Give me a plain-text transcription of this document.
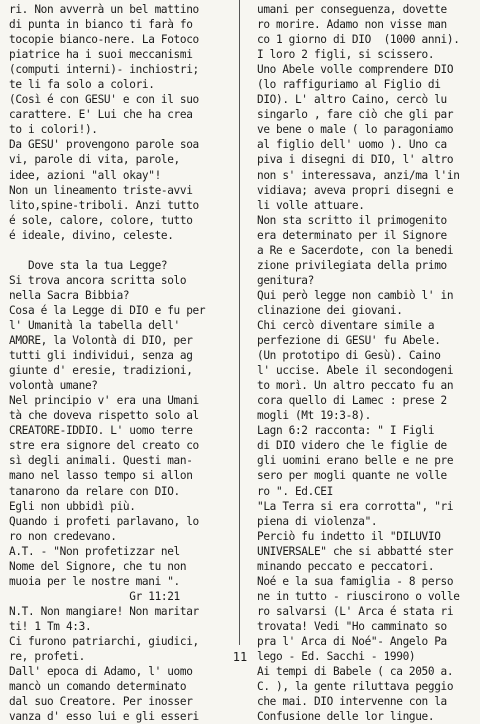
ri. Non avverrà un bel mattino
di punta in bianco ti farà fo
tocopie bianco-nere. La Fotoco
piatrice ha i suoi meccanismi
(computi interni)- inchiostri;
te li fa solo a colori.
(Così é con GESU' e con il suo
carattere. E' Lui che ha crea
to i colori!).
Da GESU' provengono parole soa
vi, parole di vita, parole,
idee, azioni "all okay"!
Non un lineamento triste-avvi
lito,spine-triboli. Anzi tutto
é sole, calore, colore, tutto
é ideale, divino, celeste.

Dove sta la tua Legge?
Si trova ancora scritta solo
nella Sacra Bibbia?
Cosa é la Legge di DIO e fu per
l' Umanità la tabella dell'
AMORE, la Volontà di DIO, per
tutti gli individui, senza ag
giunte d' eresie, tradizioni,
volontà umane?
Nel principio v' era una Umani
tà che doveva rispetto solo al
CREATORE-IDDIO. L' uomo terre
stre era signore del creato co
sì degli animali. Questi man-
mano nel lasso tempo si allon
tanarono da relare con DIO.
Egli non ubbidì più.
Quando i profeti parlavano, lo
ro non credevano.
A.T. - "Non profetizzar nel
Nome del Signore, che tu non
muoia per le nostre mani ".
Gr 11:21
N.T. Non mangiare! Non maritar
ti! 1 Tm 4:3.
Ci furono patriarchi, giudici,
re, profeti.
Dall' epoca di Adamo, l' uomo
mancò un comando determinato
dal suo Creatore. Per inosser
vanza d' esso lui e gli esseri
umani per conseguenza, dovette
ro morire. Adamo non visse man
co 1 giorno di DIO  (1000 anni).
I loro 2 figli, si scissero.
Uno Abele volle comprendere DIO
(lo raffiguriamo al Figlio di
DIO). L' altro Caino, cercò lu
singarlo , fare ciò che gli par
ve bene o male ( lo paragoniamo
al figlio dell' uomo ). Uno ca
piva i disegni di DIO, l' altro
non s' interessava, anzi/ma l'in
vidiava; aveva propri disegni e
li volle attuare.
Non sta scritto il primogenito
era determinato per il Signore
a Re e Sacerdote, con la benedi
zione privilegiata della primo
genitura?
Qui però legge non cambiò l' in
clinazione dei giovani.
Chi cercò diventare simile a
perfezione di GESU' fu Abele.
(Un prototipo di Gesù). Caino
l' uccise. Abele il secondogeni
to morì. Un altro peccato fu an
cora quello di Lamec : prese 2
mogli (Mt 19:3-8).
Lagn 6:2 racconta: " I Figli
di DIO videro che le figlie de
gli uomini erano belle e ne pre
sero per mogli quante ne volle
ro ". Ed.CEI
"La Terra si era corrotta", "ri
piena di violenza".
Perciò fu indetto il "DILUVIO
UNIVERSALE" che si abbatté ster
minando peccato e peccatori.
Noé e la sua famiglia - 8 perso
ne in tutto - riuscirono o volle
ro salvarsi (L' Arca é stata ri
trovata! Vedi "Ho camminato so
pra l' Arca di Noé"- Angelo Pa
lego - Ed. Sacchi - 1990)
Ai tempi di Babele ( ca 2050 a.
C. ), la gente riluttava peggio
che mai. DIO intervenne con la
Confusione delle lor lingue.
11
